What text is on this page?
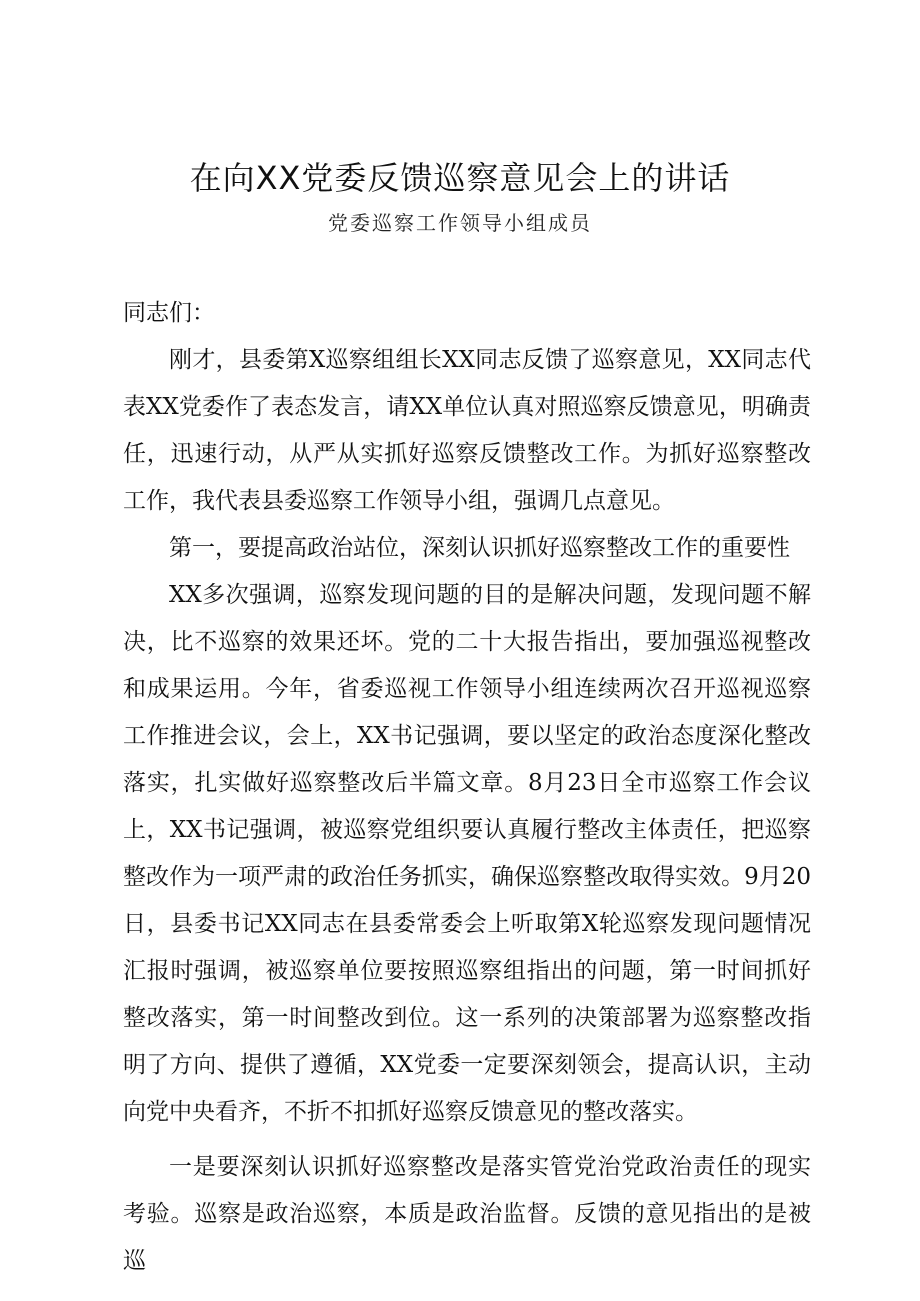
在向XX党委反馈巡察意见会上的讲话
党委巡察工作领导小组成员

同志们：

刚才，县委第X巡察组组长XX同志反馈了巡察意见，XX同志代表XX党委作了表态发言，请XX单位认真对照巡察反馈意见，明确责任，迅速行动，从严从实抓好巡察反馈整改工作。为抓好巡察整改工作，我代表县委巡察工作领导小组，强调几点意见。

第一，要提高政治站位，深刻认识抓好巡察整改工作的重要性

XX多次强调，巡察发现问题的目的是解决问题，发现问题不解决，比不巡察的效果还坏。党的二十大报告指出，要加强巡视整改和成果运用。今年，省委巡视工作领导小组连续两次召开巡视巡察工作推进会议，会上，XX书记强调，要以坚定的政治态度深化整改落实，扎实做好巡察整改后半篇文章。8月23日全市巡察工作会议上，XX书记强调，被巡察党组织要认真履行整改主体责任，把巡察整改作为一项严肃的政治任务抓实，确保巡察整改取得实效。9月20日，县委书记XX同志在县委常委会上听取第X轮巡察发现问题情况汇报时强调，被巡察单位要按照巡察组指出的问题，第一时间抓好整改落实，第一时间整改到位。这一系列的决策部署为巡察整改指明了方向、提供了遵循，XX党委一定要深刻领会，提高认识，主动向党中央看齐，不折不扣抓好巡察反馈意见的整改落实。

一是要深刻认识抓好巡察整改是落实管党治党政治责任的现实考验。巡察是政治巡察，本质是政治监督。反馈的意见指出的是被巡
